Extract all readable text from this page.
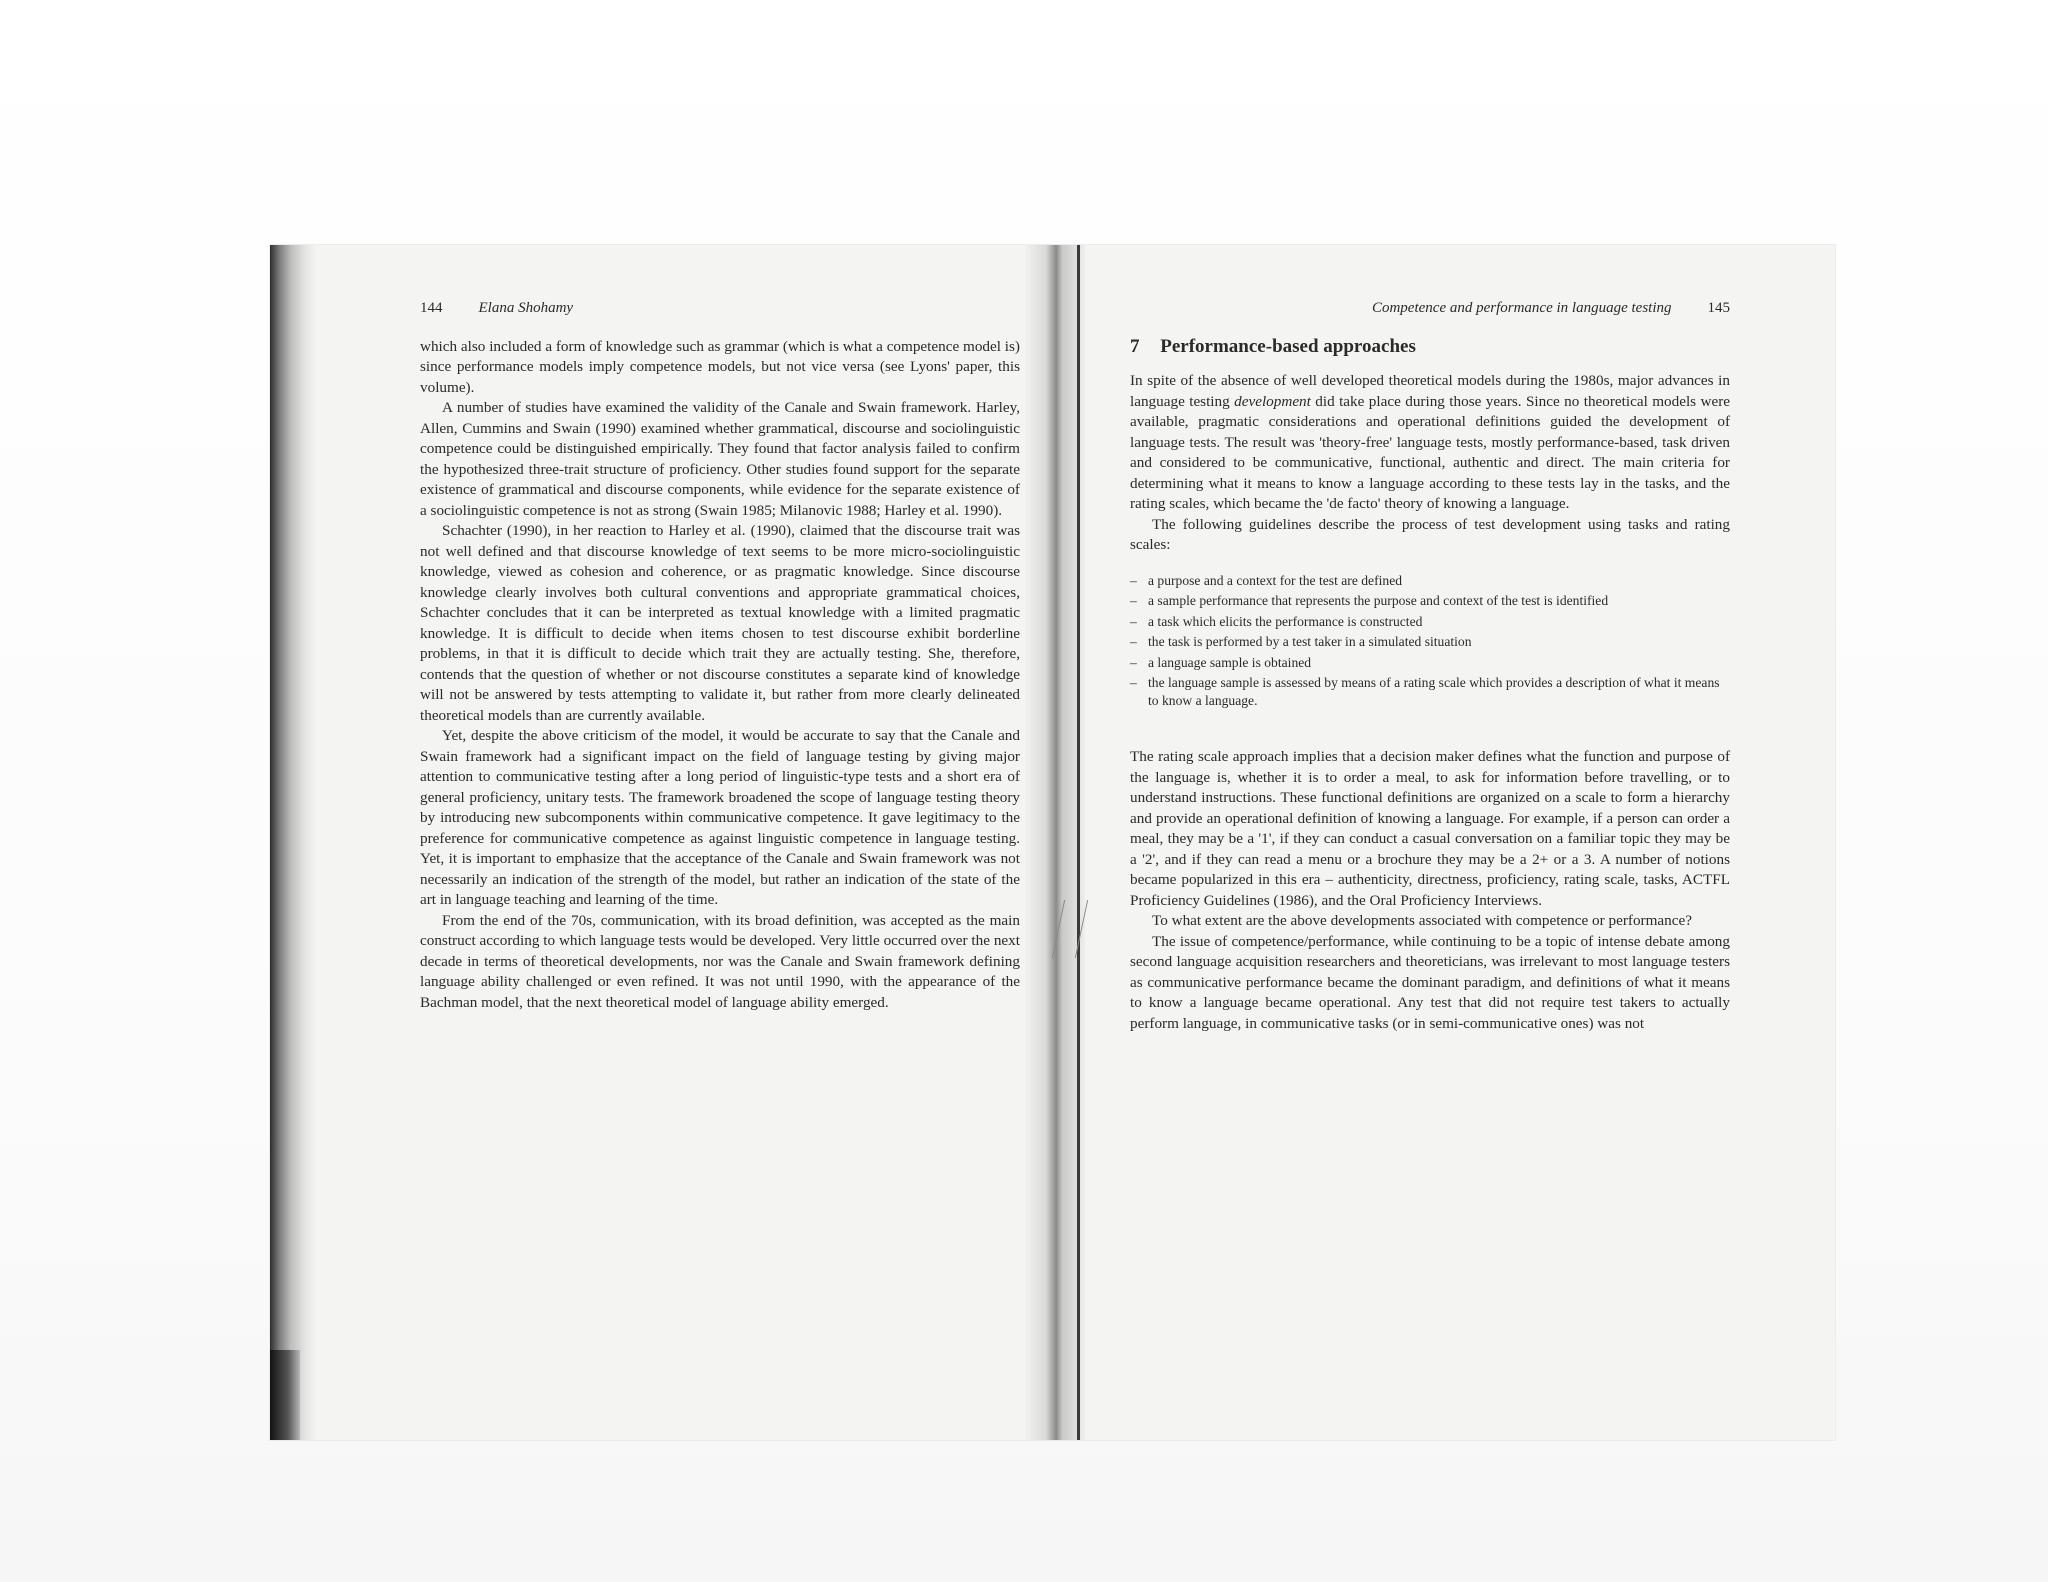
144 Elana Shohamy

which also included a form of knowledge such as grammar (which is what a competence model is) since performance models imply competence models, but not vice versa (see Lyons' paper, this volume).

A number of studies have examined the validity of the Canale and Swain framework. Harley, Allen, Cummins and Swain (1990) examined whether grammatical, discourse and sociolinguistic competence could be distinguished empirically. They found that factor analysis failed to confirm the hypothesized three-trait structure of proficiency. Other studies found support for the separate existence of grammatical and discourse components, while evidence for the separate existence of a sociolinguistic competence is not as strong (Swain 1985; Milanovic 1988; Harley et al. 1990).

Schachter (1990), in her reaction to Harley et al. (1990), claimed that the discourse trait was not well defined and that discourse knowledge of text seems to be more micro-sociolinguistic knowledge, viewed as cohesion and coherence, or as pragmatic knowledge. Since discourse knowledge clearly involves both cultural conventions and appropriate grammatical choices, Schachter concludes that it can be interpreted as textual knowledge with a limited pragmatic knowledge. It is difficult to decide when items chosen to test discourse exhibit borderline problems, in that it is difficult to decide which trait they are actually testing. She, therefore, contends that the question of whether or not discourse constitutes a separate kind of knowledge will not be answered by tests attempting to validate it, but rather from more clearly delineated theoretical models than are currently available.

Yet, despite the above criticism of the model, it would be accurate to say that the Canale and Swain framework had a significant impact on the field of language testing by giving major attention to communicative testing after a long period of linguistic-type tests and a short era of general proficiency, unitary tests. The framework broadened the scope of language testing theory by introducing new subcomponents within communicative competence. It gave legitimacy to the preference for communicative competence as against linguistic competence in language testing. Yet, it is important to emphasize that the acceptance of the Canale and Swain framework was not necessarily an indication of the strength of the model, but rather an indication of the state of the art in language teaching and learning of the time.

From the end of the 70s, communication, with its broad definition, was accepted as the main construct according to which language tests would be developed. Very little occurred over the next decade in terms of theoretical developments, nor was the Canale and Swain framework defining language ability challenged or even refined. It was not until 1990, with the appearance of the Bachman model, that the next theoretical model of language ability emerged.

Competence and performance in language testing 145
7 Performance-based approaches

In spite of the absence of well developed theoretical models during the 1980s, major advances in language testing development did take place during those years. Since no theoretical models were available, pragmatic considerations and operational definitions guided the development of language tests. The result was 'theory-free' language tests, mostly performance-based, task driven and considered to be communicative, functional, authentic and direct. The main criteria for determining what it means to know a language according to these tests lay in the tasks, and the rating scales, which became the 'de facto' theory of knowing a language.

The following guidelines describe the process of test development using tasks and rating scales:

– a purpose and a context for the test are defined
– a sample performance that represents the purpose and context of the test is identified
– a task which elicits the performance is constructed
– the task is performed by a test taker in a simulated situation
– a language sample is obtained
– the language sample is assessed by means of a rating scale which provides a description of what it means to know a language.

The rating scale approach implies that a decision maker defines what the function and purpose of the language is, whether it is to order a meal, to ask for information before travelling, or to understand instructions. These functional definitions are organized on a scale to form a hierarchy and provide an operational definition of knowing a language. For example, if a person can order a meal, they may be a '1', if they can conduct a casual conversation on a familiar topic they may be a '2', and if they can read a menu or a brochure they may be a 2+ or a 3. A number of notions became popularized in this era – authenticity, directness, proficiency, rating scale, tasks, ACTFL Proficiency Guidelines (1986), and the Oral Proficiency Interviews.

To what extent are the above developments associated with competence or performance?

The issue of competence/performance, while continuing to be a topic of intense debate among second language acquisition researchers and theoreticians, was irrelevant to most language testers as communicative performance became the dominant paradigm, and definitions of what it means to know a language became operational. Any test that did not require test takers to actually perform language, in communicative tasks (or in semi-communicative ones) was not
